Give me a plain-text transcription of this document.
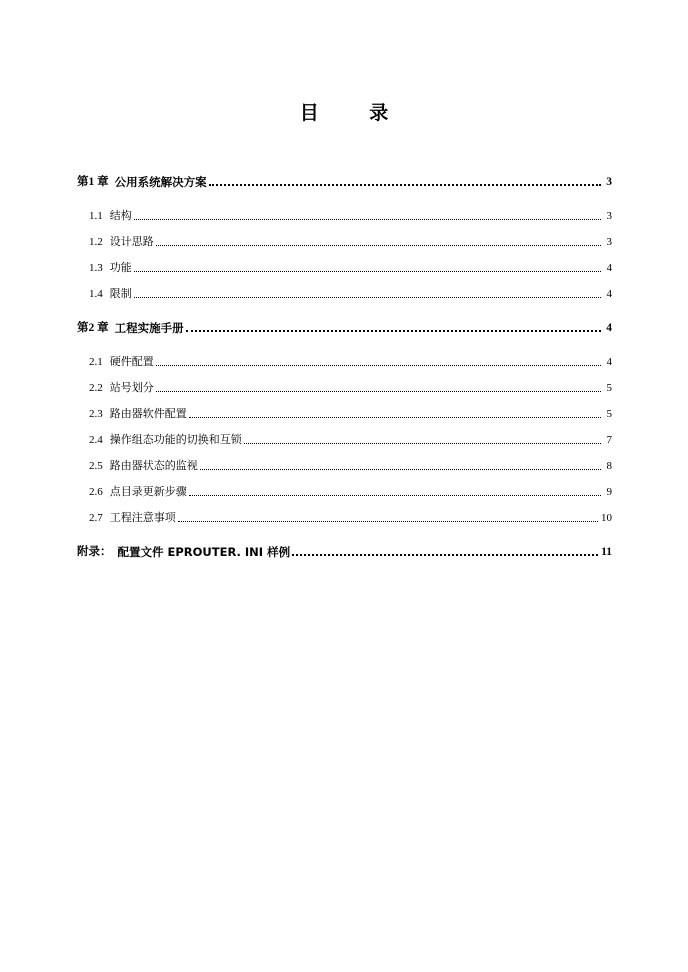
目 录
第1 章 公用系统解决方案	3
1.1 结构	3
1.2 设计思路	3
1.3 功能	4
1.4 限制	4
第2 章 工程实施手册	4
2.1 硬件配置	4
2.2 站号划分	5
2.3 路由器软件配置	5
2.4 操作组态功能的切换和互锁	7
2.5 路由器状态的监视	8
2.6 点目录更新步骤	9
2.7 工程注意事项	10
附录： 配置文件 EPROUTER. INI 样例	11
